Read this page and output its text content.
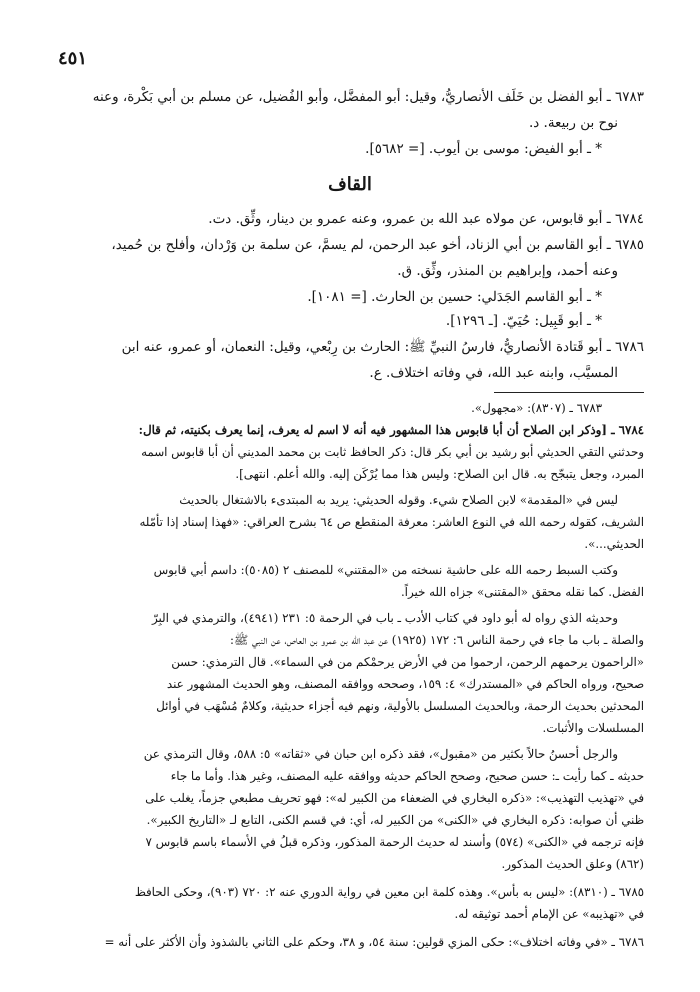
٤٥١
٦٧٨٣ ـ أبو الفضل بن خَلَف الأنصاريُّ، وقيل: أبو المفضَّل، وأبو الفُضيل، عن مسلم بن أبي بَكْرة، وعنه
نوح بن ربيعة. د.
* ـ أبو الفيض: موسى بن أيوب. [= ٥٦٨٢].
القاف
٦٧٨٤ ـ أبو قابوس، عن مولاه عبد الله بن عمرو، وعنه عمرو بن دينار، وثِّق. دت.
٦٧٨٥ ـ أبو القاسم بن أبي الزناد، أخو عبد الرحمن، لم يسمَّ، عن سلمة بن وَرْدان، وأفلح بن حُميد،
وعنه أحمد، وإبراهيم بن المنذر، وثِّق. ق.
* ـ أبو القاسم الجَدَلي: حسين بن الحارث. [= ١٠٨١].
* ـ أبو قَبِيل: حُيَيّ. [ـ ١٢٩٦].
٦٧٨٦ ـ أبو قَتادة الأنصاريُّ، فارسُ النبيِّ ﷺ: الحارث بن رِبْعي، وقيل: النعمان، أو عمرو، عنه ابن
المسيَّب، وابنه عبد الله، في وفاته اختلاف. ع.
٦٧٨٣ ـ (٨٣٠٧): «مجهول».
٦٧٨٤ ـ [وذكر ابن الصلاح أن أبا قابوس هذا المشهور فيه أنه لا اسم له يعرف، إنما يعرف بكنيته، ثم قال:
وحدثني التقي الحديثي أبو رشيد بن أبي بكر قال: ذكر الحافظ ثابت بن محمد المديني أن أبا قابوس اسمه
المبرد، وجعل يتبجّح به. قال ابن الصلاح: وليس هذا مما يُرْكَن إليه. والله أعلم. انتهى].
ليس في «المقدمة» لابن الصلاح شيء. وقوله الحديثي: يريد به المبتدىء بالاشتغال بالحديث
الشريف، كقوله رحمه الله في النوع العاشر: معرفة المنقطع ص ٦٤ بشرح العراقي: «فهذا إسناد إذا تأمّله
الحديثي...».
وكتب السبط رحمه الله على حاشية نسخته من «المقتني» للمصنف ٢ (٥٠٨٥): داسم أبي قابوس
الفضل. كما نقله محقق «المقتنى» جزاه الله خيراً.
وحديثه الذي رواه له أبو داود في كتاب الأدب ـ باب في الرحمة ٥: ٢٣١ (٤٩٤١)، والترمذي في البِرّ
والصلة ـ باب ما جاء في رحمة الناس ٦: ١٧٢ (١٩٢٥) عن عبد الله بن عمرو بن العاص، عن النبي ﷺ:
«الراحمون يرحمهم الرحمن، ارحموا من في الأرض يرحمْكم من في السماء». قال الترمذي: حسن
صحيح، ورواه الحاكم في «المستدرك» ٤: ١٥٩، وصححه ووافقه المصنف، وهو الحديث المشهور عند
المحدثين بحديث الرحمة، وبالحديث المسلسل بالأولية، ونهم فيه أجزاء حديثية، وكلامٌ مُسْهَب في أوائل
المسلسلات والأثبات.
والرجل أحسنُ حالاً بكثير من «مقبول»، فقد ذكره ابن حبان في «ثقاته» ٥: ٥٨٨، وقال الترمذي عن
حديثه ـ كما رأيت ـ: حسن صحيح، وصحح الحاكم حديثه ووافقه عليه المصنف، وغير هذا. وأما ما جاء
في «تهذيب التهذيب»: «ذكره البخاري في الضعفاء من الكبير له»: فهو تحريف مطبعي جزماً، يغلب على
ظني أن صوابه: ذكره البخاري في «الكنى» من الكبير له، أي: في قسم الكنى، التابع لـ «التاريخ الكبير».
فإنه ترجمه في «الكنى» (٥٧٤) وأسند له حديث الرحمة المذكور، وذكره قبلُ في الأسماء باسم قابوس ٧
(٨٦٢) وعلق الحديث المذكور.
٦٧٨٥ ـ (٨٣١٠): «ليس به بأس». وهذه كلمة ابن معين في رواية الدوري عنه ٢: ٧٢٠ (٩٠٣)، وحكى الحافظ
في «تهذيبه» عن الإمام أحمد توثيقه له.
٦٧٨٦ ـ «في وفاته اختلاف»: حكى المزي قولين: سنة ٥٤، و ٣٨، وحكم على الثاني بالشذوذ وأن الأكثر على أنه =
